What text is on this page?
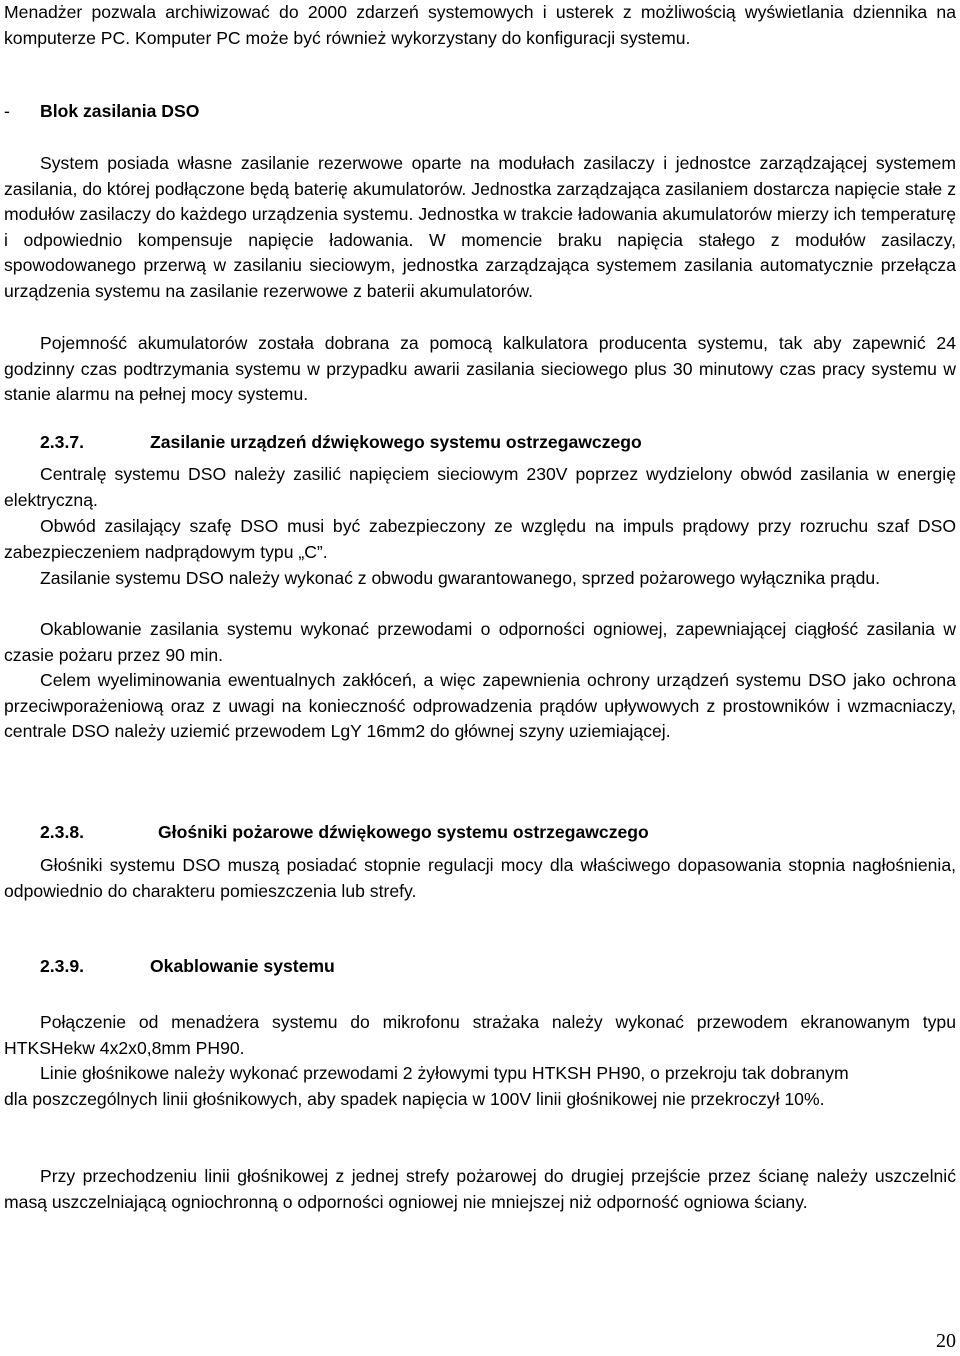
Menadżer pozwala archiwizować do 2000 zdarzeń systemowych i usterek z możliwością wyświetlania dziennika na komputerze PC. Komputer PC może być również wykorzystany do konfiguracji systemu.

- Blok zasilania DSO

System posiada własne zasilanie rezerwowe oparte na modułach zasilaczy i jednostce zarządzającej systemem zasilania, do której podłączone będą baterię akumulatorów. Jednostka zarządzająca zasilaniem dostarcza napięcie stałe z modułów zasilaczy do każdego urządzenia systemu. Jednostka w trakcie ładowania akumulatorów mierzy ich temperaturę i odpowiednio kompensuje napięcie ładowania. W momencie braku napięcia stałego z modułów zasilaczy, spowodowanego przerwą w zasilaniu sieciowym, jednostka zarządzająca systemem zasilania automatycznie przełącza urządzenia systemu na zasilanie rezerwowe z baterii akumulatorów.

Pojemność akumulatorów została dobrana za pomocą kalkulatora producenta systemu, tak aby zapewnić 24 godzinny czas podtrzymania systemu w przypadku awarii zasilania sieciowego plus 30 minutowy czas pracy systemu w stanie alarmu na pełnej mocy systemu.

2.3.7.	Zasilanie urządzeń dźwiękowego systemu ostrzegawczego

Centralę systemu DSO należy zasilić napięciem sieciowym 230V poprzez wydzielony obwód zasilania w energię elektryczną.

Obwód zasilający szafę DSO musi być zabezpieczony ze względu na impuls prądowy przy rozruchu szaf DSO zabezpieczeniem nadprądowym typu „C”.

Zasilanie systemu DSO należy wykonać z obwodu gwarantowanego, sprzed pożarowego wyłącznika prądu.

Okablowanie zasilania systemu wykonać przewodami o odporności ogniowej, zapewniającej ciągłość zasilania w czasie pożaru przez 90 min.

Celem wyeliminowania ewentualnych zakłóceń, a więc zapewnienia ochrony urządzeń systemu DSO jako ochrona przeciwporażeniową oraz z uwagi na konieczność odprowadzenia prądów upływowych z prostowników i wzmacniaczy, centrale DSO należy uziemić przewodem LgY 16mm2 do głównej szyny uziemiającej.

2.3.8.	Głośniki pożarowe dźwiękowego systemu ostrzegawczego

Głośniki systemu DSO muszą posiadać stopnie regulacji mocy dla właściwego dopasowania stopnia nagłośnienia, odpowiednio do charakteru pomieszczenia lub strefy.

2.3.9.	Okablowanie systemu

Połączenie od menadżera systemu do mikrofonu strażaka należy wykonać przewodem ekranowanym typu HTKSHekw 4x2x0,8mm PH90.

Linie głośnikowe należy wykonać przewodami 2 żyłowymi typu HTKSH PH90, o przekroju tak dobranym dla poszczególnych linii głośnikowych, aby spadek napięcia w 100V linii głośnikowej nie przekroczył 10%.

Przy przechodzeniu linii głośnikowej z jednej strefy pożarowej do drugiej przejście przez ścianę należy uszczelnić masą uszczelniającą ogniochronną o odporności ogniowej nie mniejszej niż odporność ogniowa ściany.

20
